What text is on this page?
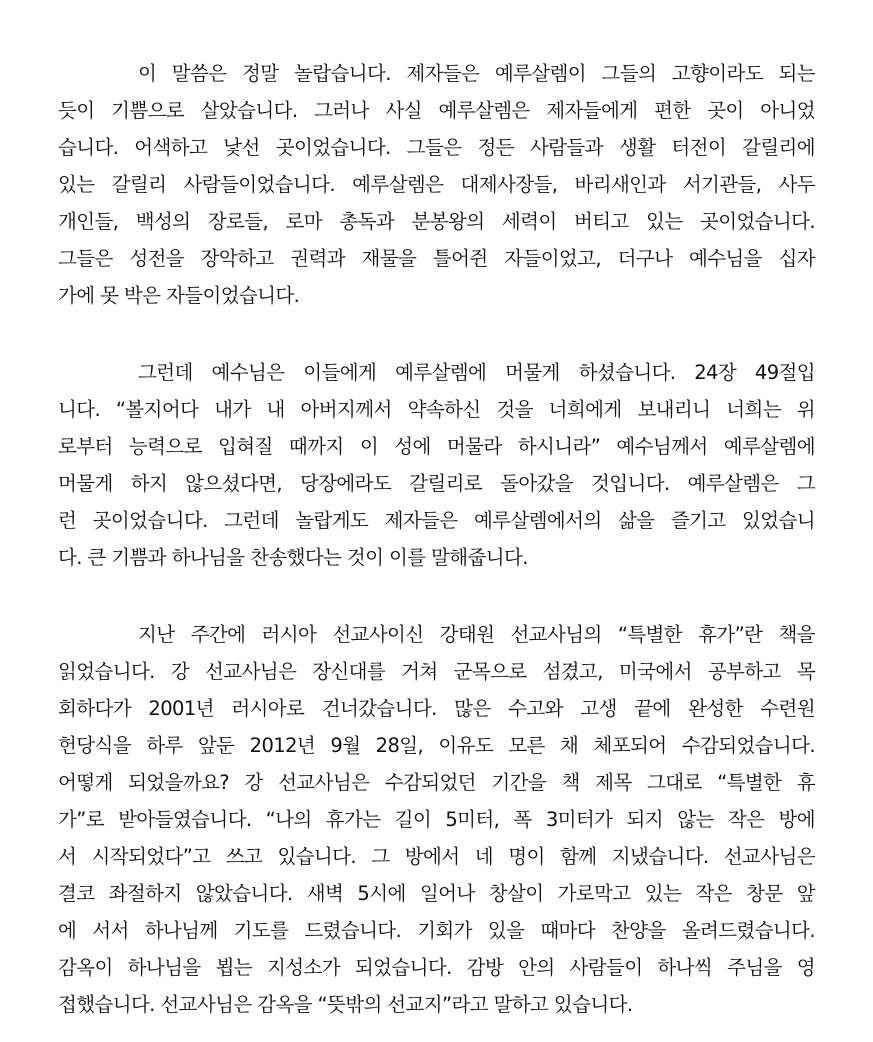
이 말씀은 정말 놀랍습니다. 제자들은 예루살렘이 그들의 고향이라도 되는
듯이 기쁨으로 살았습니다. 그러나 사실 예루살렘은 제자들에게 편한 곳이 아니었
습니다. 어색하고 낯선 곳이었습니다. 그들은 정든 사람들과 생활 터전이 갈릴리에
있는 갈릴리 사람들이었습니다. 예루살렘은 대제사장들, 바리새인과 서기관들, 사두
개인들, 백성의 장로들, 로마 총독과 분봉왕의 세력이 버티고 있는 곳이었습니다.
그들은 성전을 장악하고 권력과 재물을 틀어쥔 자들이었고, 더구나 예수님을 십자
가에 못 박은 자들이었습니다.
그런데 예수님은 이들에게 예루살렘에 머물게 하셨습니다. 24장 49절입
니다. “볼지어다 내가 내 아버지께서 약속하신 것을 너희에게 보내리니 너희는 위
로부터 능력으로 입혀질 때까지 이 성에 머물라 하시니라” 예수님께서 예루살렘에
머물게 하지 않으셨다면, 당장에라도 갈릴리로 돌아갔을 것입니다. 예루살렘은 그
런 곳이었습니다. 그런데 놀랍게도 제자들은 예루살렘에서의 삶을 즐기고 있었습니
다. 큰 기쁨과 하나님을 찬송했다는 것이 이를 말해줍니다.
지난 주간에 러시아 선교사이신 강태원 선교사님의 “특별한 휴가”란 책을
읽었습니다. 강 선교사님은 장신대를 거쳐 군목으로 섬겼고, 미국에서 공부하고 목
회하다가 2001년 러시아로 건너갔습니다. 많은 수고와 고생 끝에 완성한 수련원
헌당식을 하루 앞둔 2012년 9월 28일, 이유도 모른 채 체포되어 수감되었습니다.
어떻게 되었을까요? 강 선교사님은 수감되었던 기간을 책 제목 그대로 “특별한 휴
가”로 받아들였습니다. “나의 휴가는 길이 5미터, 폭 3미터가 되지 않는 작은 방에
서 시작되었다”고 쓰고 있습니다. 그 방에서 네 명이 함께 지냈습니다. 선교사님은
결코 좌절하지 않았습니다. 새벽 5시에 일어나 창살이 가로막고 있는 작은 창문 앞
에 서서 하나님께 기도를 드렸습니다. 기회가 있을 때마다 찬양을 올려드렸습니다.
감옥이 하나님을 뵙는 지성소가 되었습니다. 감방 안의 사람들이 하나씩 주님을 영
접했습니다. 선교사님은 감옥을 “뜻밖의 선교지”라고 말하고 있습니다.
